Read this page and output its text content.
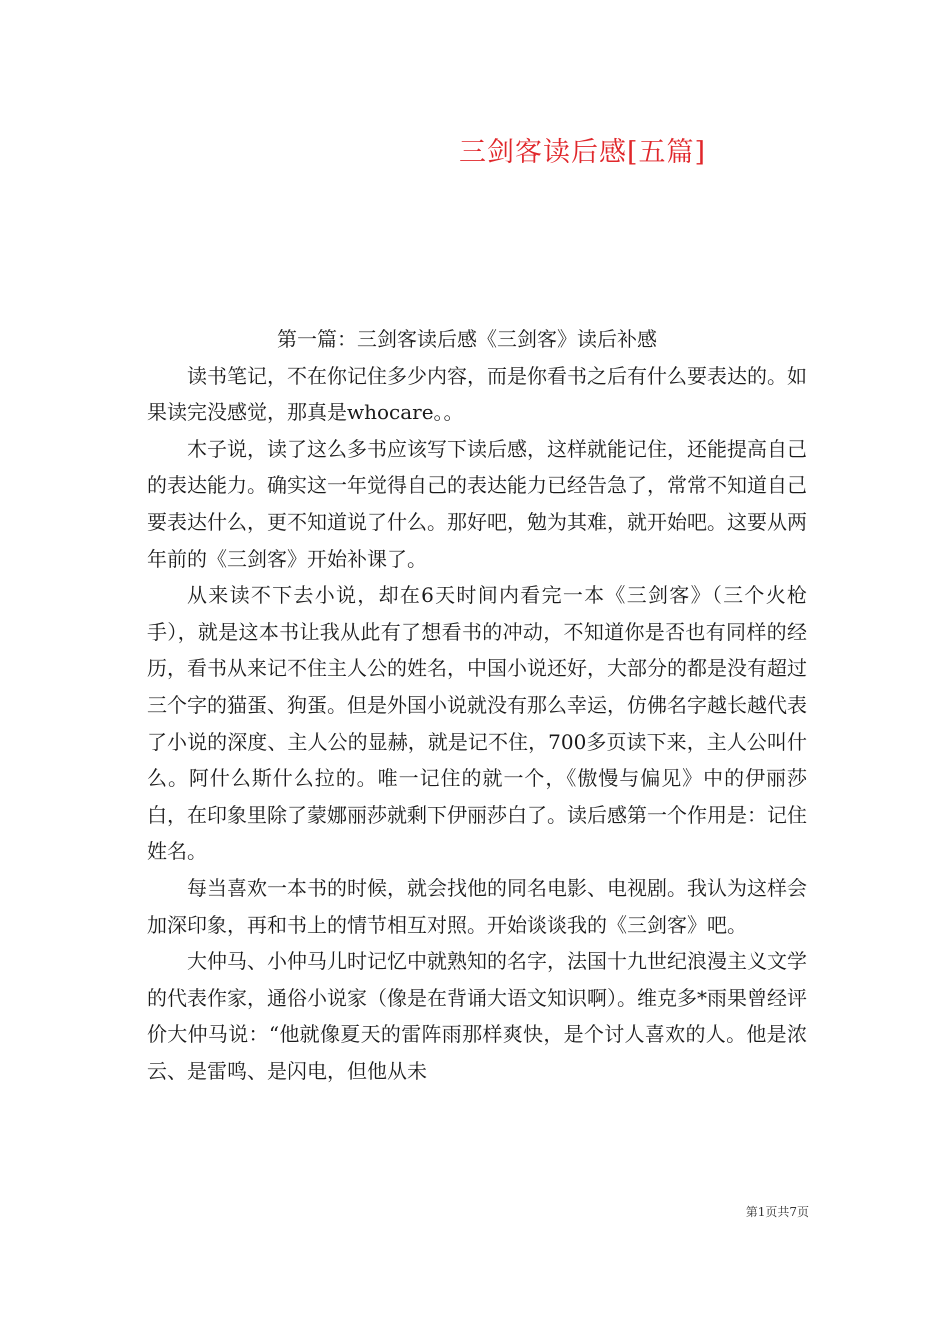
三剑客读后感[五篇]
第一篇：三剑客读后感《三剑客》读后补感

读书笔记，不在你记住多少内容，而是你看书之后有什么要表达的。如果读完没感觉，那真是whocare。。

木子说，读了这么多书应该写下读后感，这样就能记住，还能提高自己的表达能力。确实这一年觉得自己的表达能力已经告急了，常常不知道自己要表达什么，更不知道说了什么。那好吧，勉为其难，就开始吧。这要从两年前的《三剑客》开始补课了。

从来读不下去小说，却在6天时间内看完一本《三剑客》（三个火枪手），就是这本书让我从此有了想看书的冲动，不知道你是否也有同样的经历，看书从来记不住主人公的姓名，中国小说还好，大部分的都是没有超过三个字的猫蛋、狗蛋。但是外国小说就没有那么幸运，仿佛名字越长越代表了小说的深度、主人公的显赫，就是记不住，700多页读下来，主人公叫什么。阿什么斯什么拉的。唯一记住的就一个，《傲慢与偏见》中的伊丽莎白，在印象里除了蒙娜丽莎就剩下伊丽莎白了。读后感第一个作用是：记住姓名。

每当喜欢一本书的时候，就会找他的同名电影、电视剧。我认为这样会加深印象，再和书上的情节相互对照。开始谈谈我的《三剑客》吧。

大仲马、小仲马儿时记忆中就熟知的名字，法国十九世纪浪漫主义文学的代表作家，通俗小说家（像是在背诵大语文知识啊）。维克多*雨果曾经评价大仲马说：“他就像夏天的雷阵雨那样爽快，是个讨人喜欢的人。他是浓云、是雷鸣、是闪电，但他从未

第1页共7页
